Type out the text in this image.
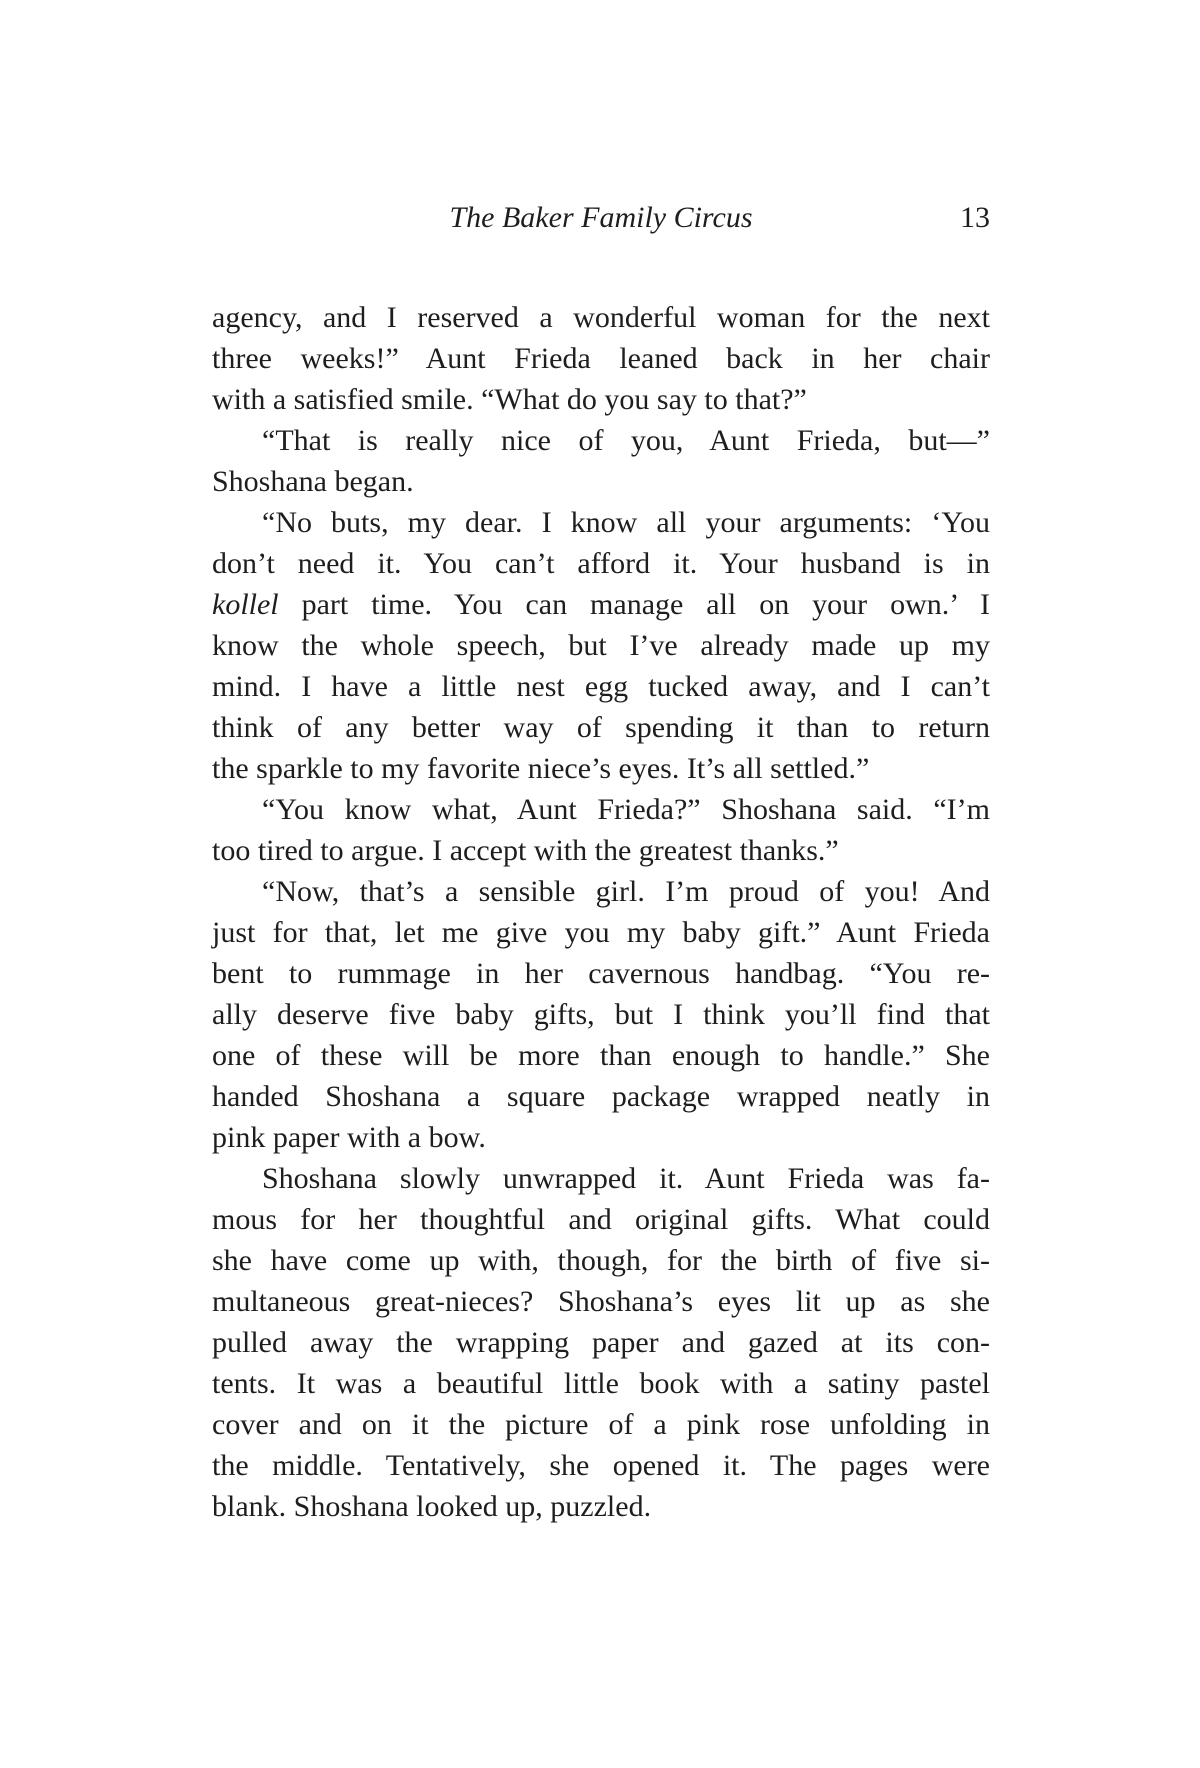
The Baker Family Circus	13
agency, and I reserved a wonderful woman for the next
three weeks!” Aunt Frieda leaned back in her chair
with a satisfied smile. “What do you say to that?”
“That is really nice of you, Aunt Frieda, but—”
Shoshana began.
“No buts, my dear. I know all your arguments: ‘You
don’t need it. You can’t afford it. Your husband is in
kollel part time. You can manage all on your own.’ I
know the whole speech, but I’ve already made up my
mind. I have a little nest egg tucked away, and I can’t
think of any better way of spending it than to return
the sparkle to my favorite niece’s eyes. It’s all settled.”
“You know what, Aunt Frieda?” Shoshana said. “I’m
too tired to argue. I accept with the greatest thanks.”
“Now, that’s a sensible girl. I’m proud of you! And
just for that, let me give you my baby gift.” Aunt Frieda
bent to rummage in her cavernous handbag. “You re-
ally deserve five baby gifts, but I think you’ll find that
one of these will be more than enough to handle.” She
handed Shoshana a square package wrapped neatly in
pink paper with a bow.
Shoshana slowly unwrapped it. Aunt Frieda was fa-
mous for her thoughtful and original gifts. What could
she have come up with, though, for the birth of five si-
multaneous great-nieces? Shoshana’s eyes lit up as she
pulled away the wrapping paper and gazed at its con-
tents. It was a beautiful little book with a satiny pastel
cover and on it the picture of a pink rose unfolding in
the middle. Tentatively, she opened it. The pages were
blank. Shoshana looked up, puzzled.
